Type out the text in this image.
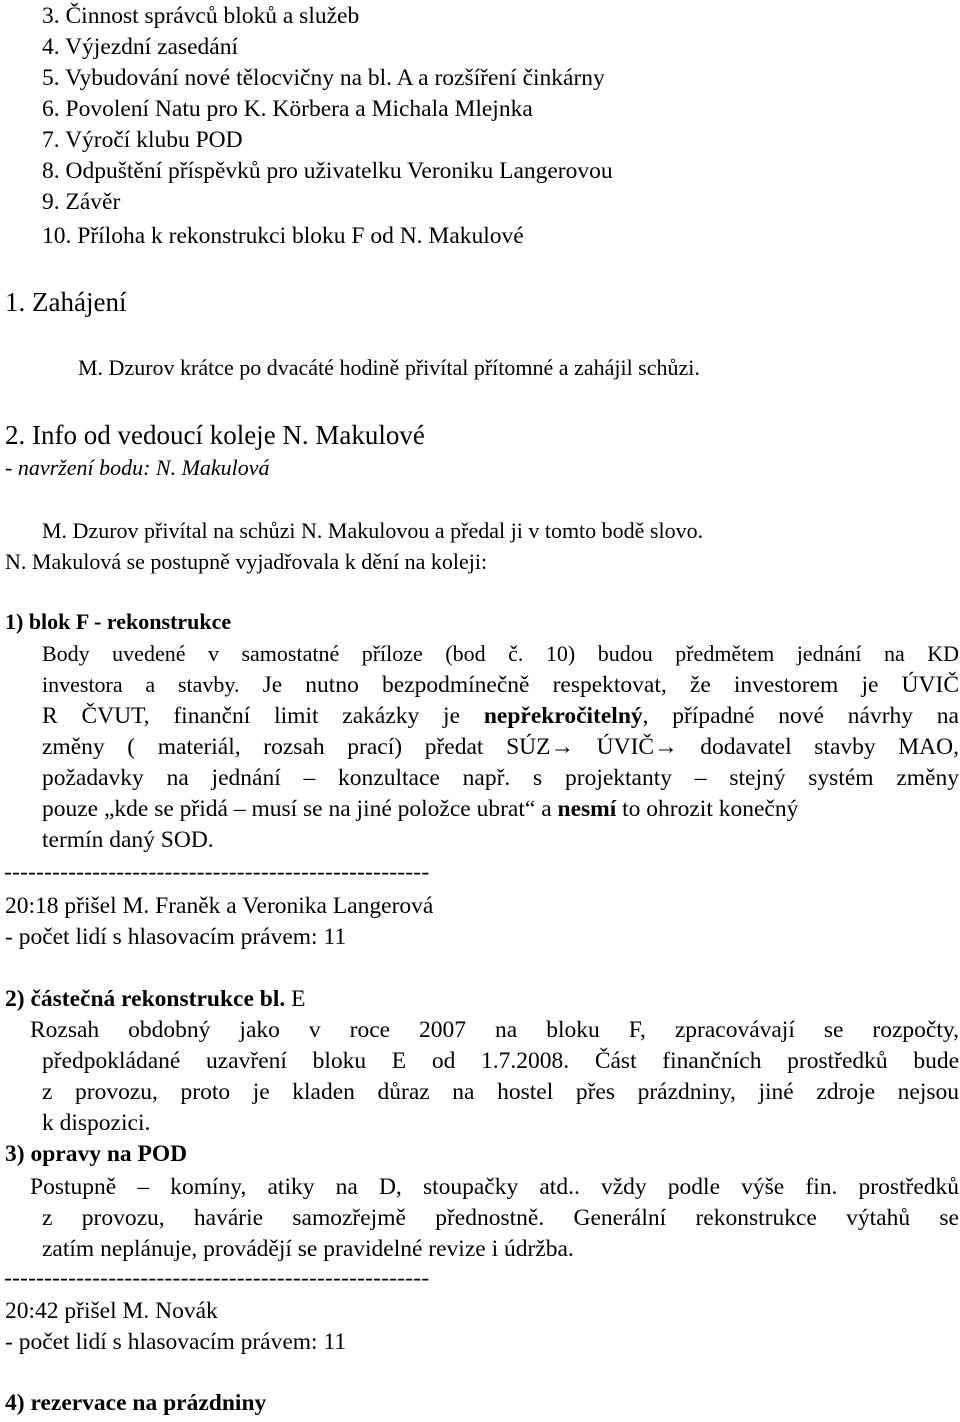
3. Činnost správců bloků a služeb
4. Výjezdní zasedání
5. Vybudování nové tělocvičny na bl. A a rozšíření činkárny
6. Povolení Natu pro K. Körbera a Michala Mlejnka
7. Výročí klubu POD
8. Odpuštění příspěvků pro uživatelku Veroniku Langerovou
9. Závěr
10. Příloha k rekonstrukci bloku F od N. Makulové
1. Zahájení
M. Dzurov krátce po dvacáté hodině přivítal přítomné a zahájil schůzi.
2. Info od vedoucí koleje N. Makulové
- navržení bodu: N. Makulová
M. Dzurov přivítal na schůzi N. Makulovou a předal ji v tomto bodě slovo.
N. Makulová se postupně vyjadřovala k dění na koleji:
1) blok F - rekonstrukce
Body uvedené v samostatné příloze (bod č. 10) budou předmětem jednání na KD
investora a stavby. Je nutno bezpodmínečně respektovat, že investorem je ÚVIČ
R ČVUT, finanční limit zakázky je nepřekročitelný, případné nové návrhy na
změny ( materiál, rozsah prací) předat SÚZ→ ÚVIČ→ dodavatel stavby MAO,
požadavky na jednání – konzultace např. s projektanty – stejný systém změny
pouze „kde se přidá – musí se na jiné položce ubrat“ a nesmí to ohrozit konečný
termín daný SOD.
-----------------------------------------------------
20:18 přišel M. Franěk a Veronika Langerová
- počet lidí s hlasovacím právem: 11
2) částečná rekonstrukce bl. E
Rozsah obdobný jako v roce 2007 na bloku F, zpracovávají se rozpočty,
předpokládané uzavření bloku E od 1.7.2008. Část finančních prostředků bude
z provozu, proto je kladen důraz na hostel přes prázdniny, jiné zdroje nejsou
k dispozici.
3) opravy na POD
Postupně – komíny, atiky na D, stoupačky atd.. vždy podle výše fin. prostředků
z provozu, havárie samozřejmě přednostně. Generální rekonstrukce výtahů se
zatím neplánuje, provádějí se pravidelné revize i údržba.
-----------------------------------------------------
20:42 přišel M. Novák
- počet lidí s hlasovacím právem: 11
4) rezervace na prázdniny
